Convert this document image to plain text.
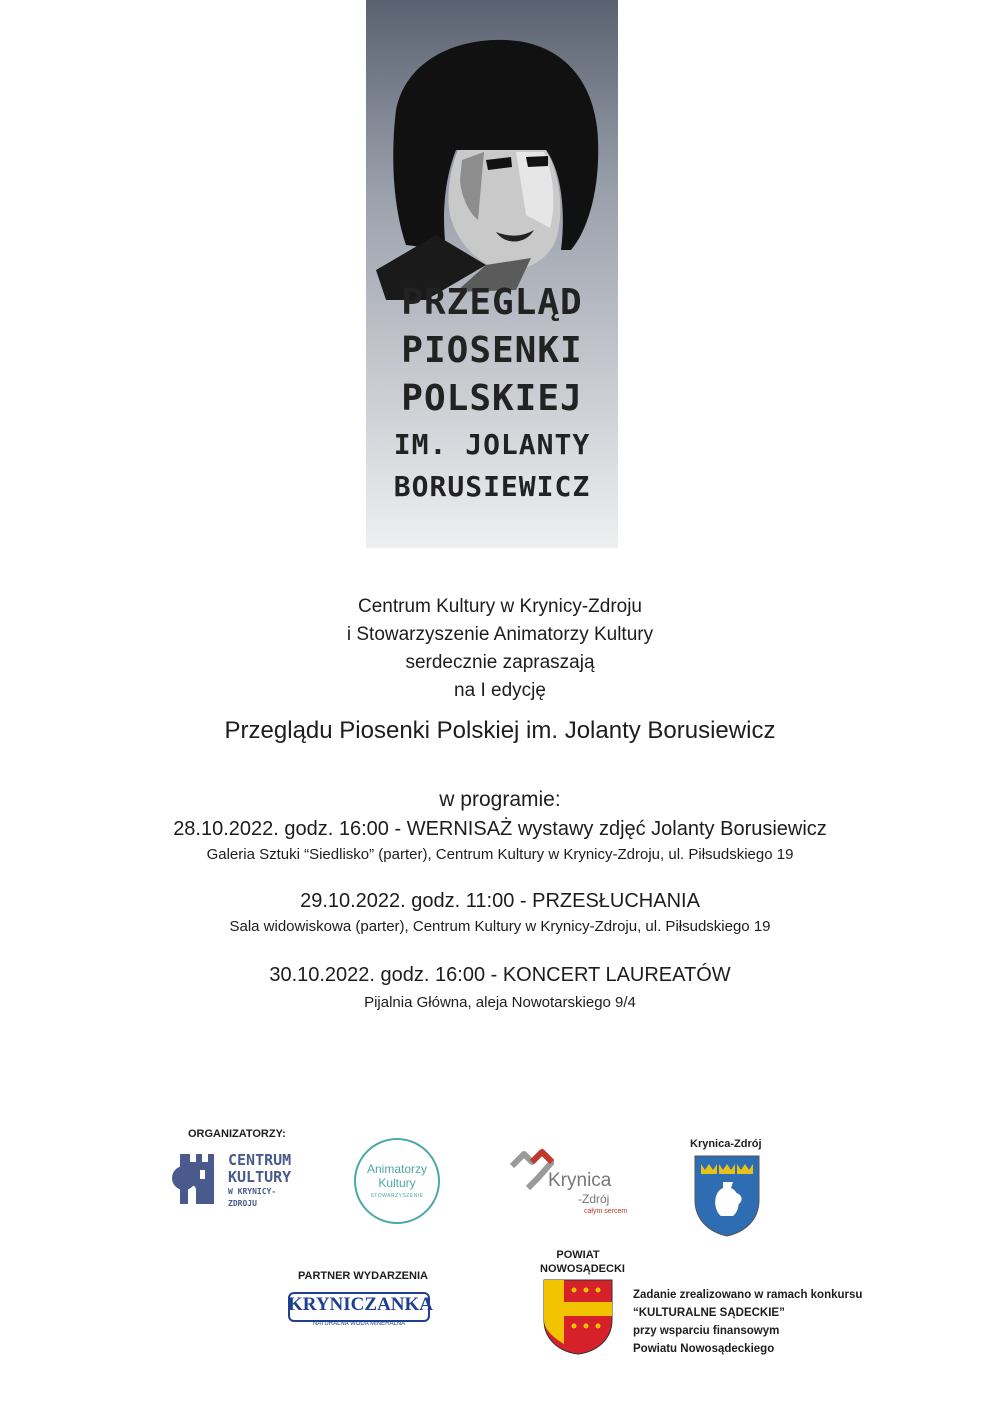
PRZEGLĄD
PIOSENKI
POLSKIEJ
IM. JOLANTY
BORUSIEWICZ
Centrum Kultury w Krynicy-Zdroju
i Stowarzyszenie Animatorzy Kultury
serdecznie zapraszają
na I edycję
Przeglądu Piosenki Polskiej im. Jolanty Borusiewicz
w programie:
28.10.2022. godz. 16:00 - WERNISAŻ wystawy zdjęć Jolanty Borusiewicz
Galeria Sztuki “Siedlisko” (parter), Centrum Kultury w Krynicy-Zdroju, ul. Piłsudskiego 19
29.10.2022. godz. 11:00 - PRZESŁUCHANIA
Sala widowiskowa (parter), Centrum Kultury w Krynicy-Zdroju, ul. Piłsudskiego 19
30.10.2022. godz. 16:00 - KONCERT LAUREATÓW
Pijalnia Główna, aleja Nowotarskiego 9/4
ORGANIZATORZY:
CENTRUM
KULTURY
W KRYNICY-ZDROJU
Animatorzy
Kultury
STOWARZYSZENIE
Krynica
-Zdrój
całym sercem
Krynica-Zdrój
PARTNER WYDARZENIA
KRYNICZANKA
NATURALNA WODA MINERALNA
POWIAT
NOWOSĄDECKI
Zadanie zrealizowano w ramach konkursu
“KULTURALNE SĄDECKIE”
przy wsparciu finansowym
Powiatu Nowosądeckiego
